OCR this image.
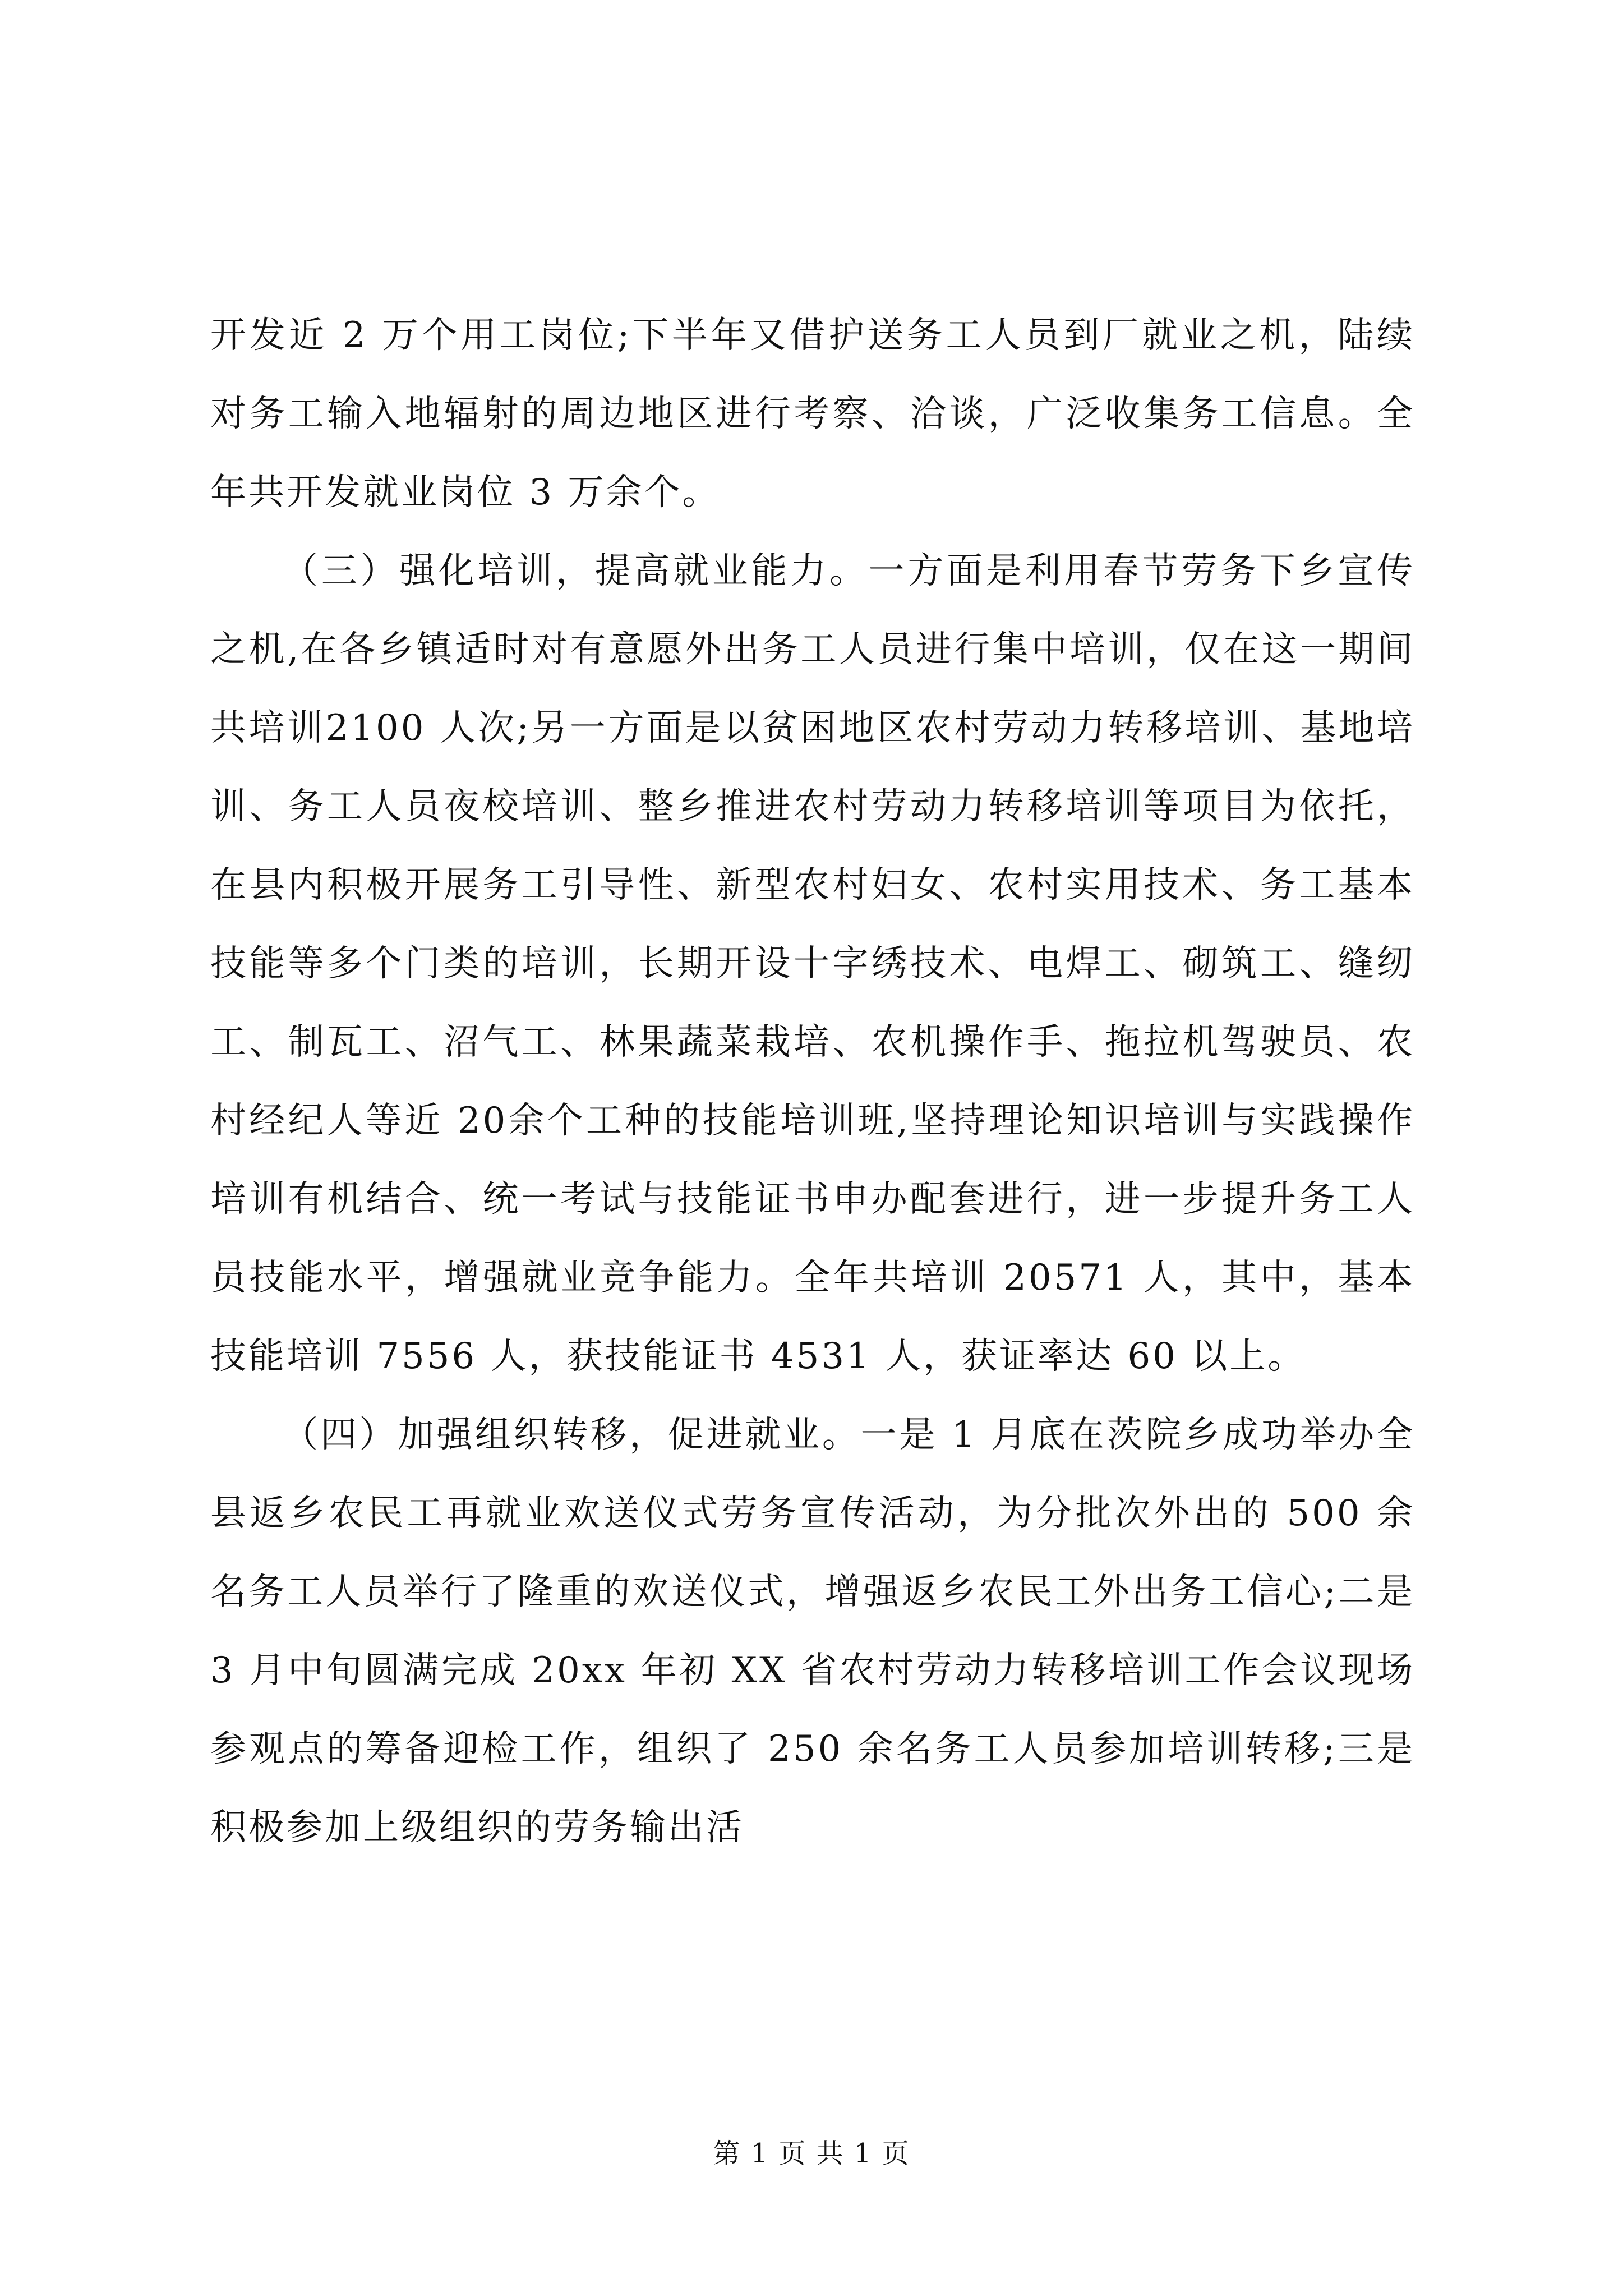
开发近 2 万个用工岗位;下半年又借护送务工人员到厂就业之机，陆续对务工输入地辐射的周边地区进行考察、洽谈，广泛收集务工信息。全年共开发就业岗位 3 万余个。

（三）强化培训，提高就业能力。一方面是利用春节劳务下乡宣传之机,在各乡镇适时对有意愿外出务工人员进行集中培训，仅在这一期间共培训2100 人次;另一方面是以贫困地区农村劳动力转移培训、基地培训、务工人员夜校培训、整乡推进农村劳动力转移培训等项目为依托，在县内积极开展务工引导性、新型农村妇女、农村实用技术、务工基本技能等多个门类的培训，长期开设十字绣技术、电焊工、砌筑工、缝纫工、制瓦工、沼气工、林果蔬菜栽培、农机操作手、拖拉机驾驶员、农村经纪人等近 20余个工种的技能培训班,坚持理论知识培训与实践操作培训有机结合、统一考试与技能证书申办配套进行，进一步提升务工人员技能水平，增强就业竞争能力。全年共培训 20571 人，其中，基本技能培训 7556 人，获技能证书 4531 人，获证率达 60 以上。

（四）加强组织转移，促进就业。一是 1 月底在茨院乡成功举办全县返乡农民工再就业欢送仪式劳务宣传活动，为分批次外出的 500 余名务工人员举行了隆重的欢送仪式，增强返乡农民工外出务工信心;二是 3 月中旬圆满完成 20xx 年初 XX 省农村劳动力转移培训工作会议现场参观点的筹备迎检工作，组织了 250 余名务工人员参加培训转移;三是积极参加上级组织的劳务输出活

第 1 页 共 1 页
